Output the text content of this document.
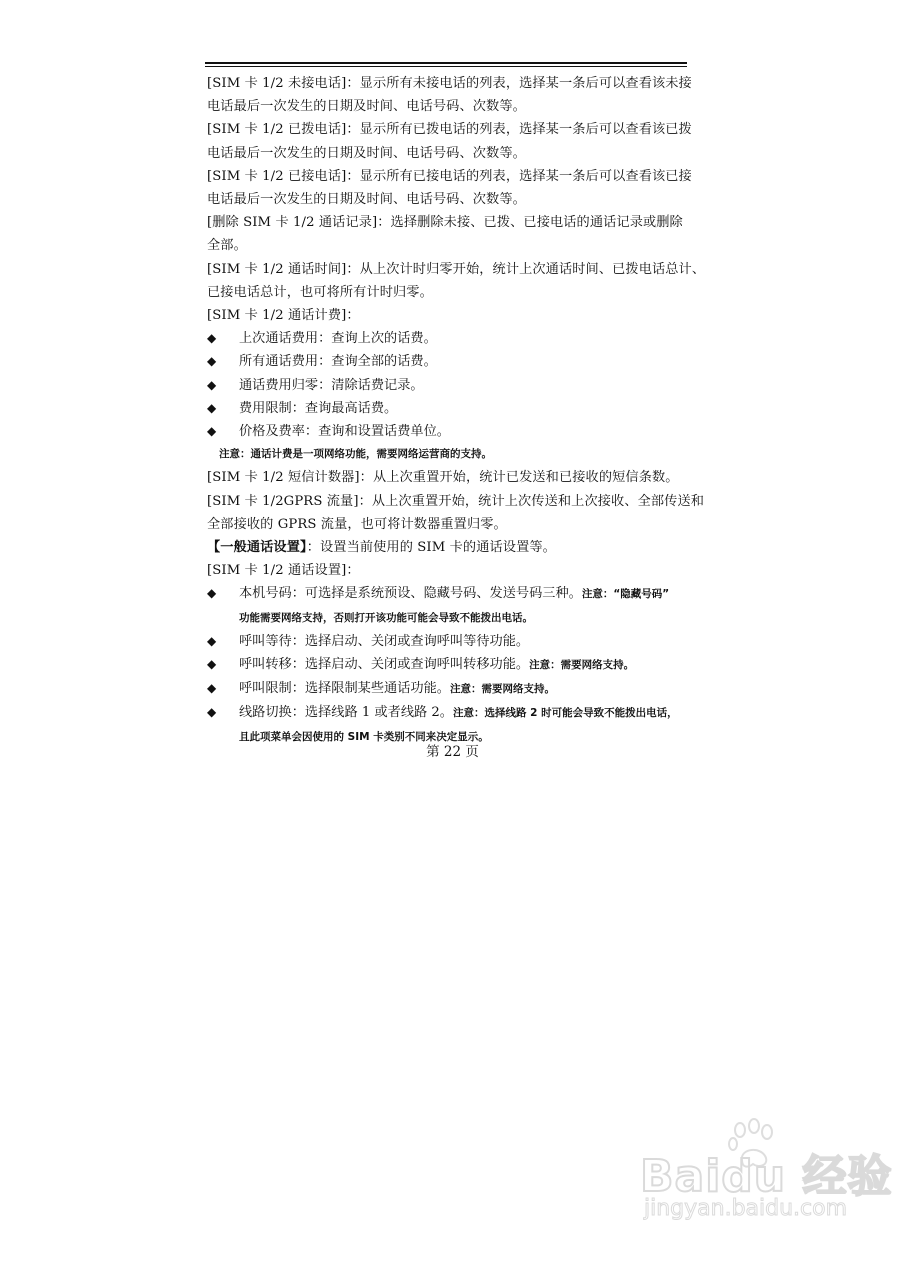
[SIM 卡 1/2 未接电话]：显示所有未接电话的列表，选择某一条后可以查看该未接
电话最后一次发生的日期及时间、电话号码、次数等。
[SIM 卡 1/2 已拨电话]：显示所有已拨电话的列表，选择某一条后可以查看该已拨
电话最后一次发生的日期及时间、电话号码、次数等。
[SIM 卡 1/2 已接电话]：显示所有已接电话的列表，选择某一条后可以查看该已接
电话最后一次发生的日期及时间、电话号码、次数等。
[删除 SIM 卡 1/2 通话记录]：选择删除未接、已拨、已接电话的通话记录或删除
全部。
[SIM 卡 1/2 通话时间]：从上次计时归零开始，统计上次通话时间、已拨电话总计、
已接电话总计，也可将所有计时归零。
[SIM 卡 1/2 通话计费]：
◆	上次通话费用：查询上次的话费。
◆	所有通话费用：查询全部的话费。
◆	通话费用归零：清除话费记录。
◆	费用限制：查询最高话费。
◆	价格及费率：查询和设置话费单位。
注意：通话计费是一项网络功能，需要网络运营商的支持。
[SIM 卡 1/2 短信计数器]：从上次重置开始，统计已发送和已接收的短信条数。
[SIM 卡 1/2GPRS 流量]：从上次重置开始，统计上次传送和上次接收、全部传送和
全部接收的 GPRS 流量，也可将计数器重置归零。
【一般通话设置】：设置当前使用的 SIM 卡的通话设置等。
[SIM 卡 1/2 通话设置]：
◆	本机号码：可选择是系统预设、隐藏号码、发送号码三种。注意：“隐藏号码”
功能需要网络支持，否则打开该功能可能会导致不能拨出电话。
◆	呼叫等待：选择启动、关闭或查询呼叫等待功能。
◆	呼叫转移：选择启动、关闭或查询呼叫转移功能。注意：需要网络支持。
◆	呼叫限制：选择限制某些通话功能。注意：需要网络支持。
◆	线路切换：选择线路 1 或者线路 2。注意：选择线路 2 时可能会导致不能拨出电话，
且此项菜单会因使用的 SIM 卡类别不同来决定显示。
第 22 页
Baidu 经验
jingyan.baidu.com
